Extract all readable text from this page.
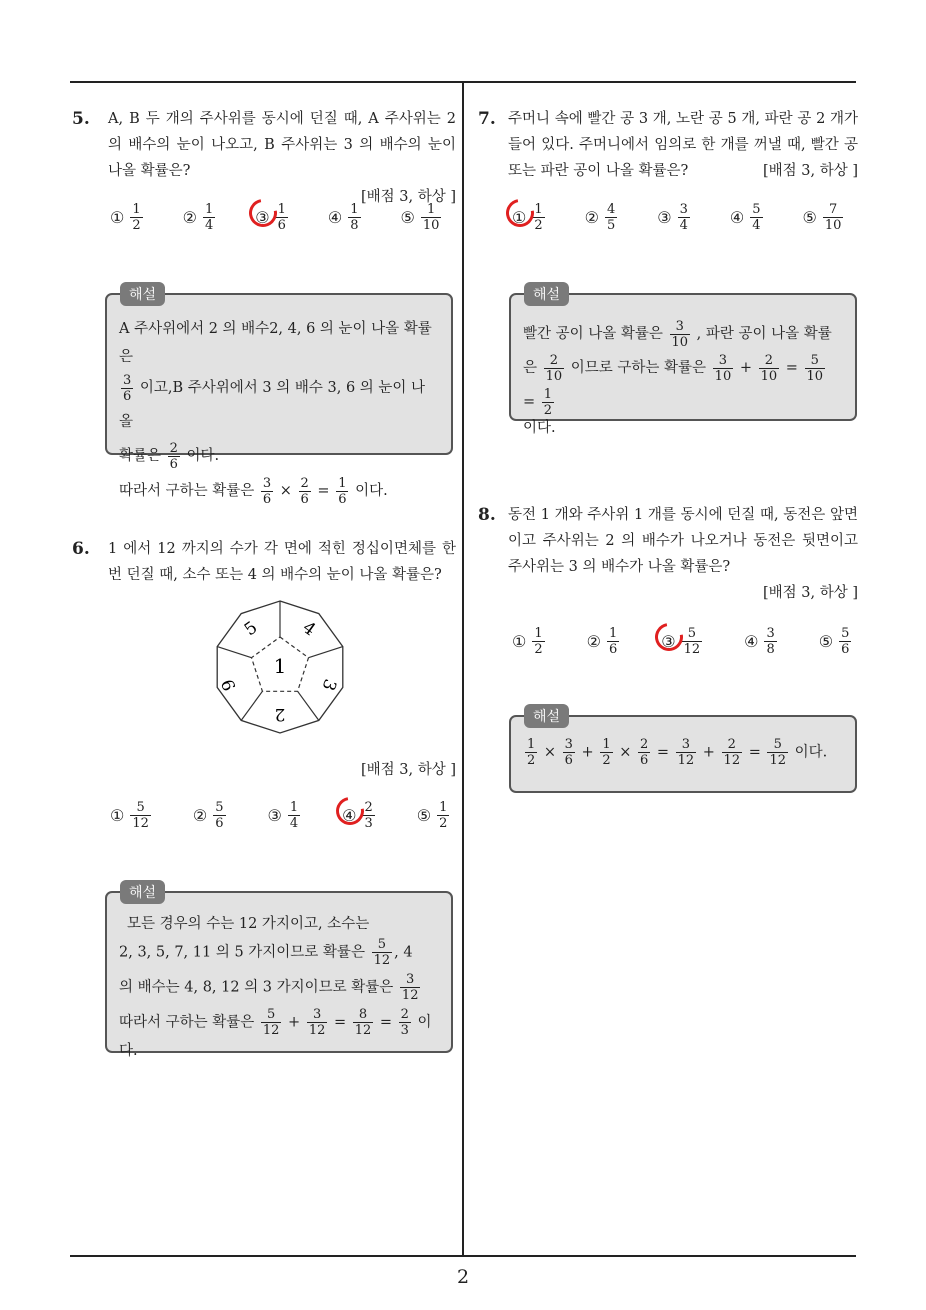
2
5. A, B 두 개의 주사위를 동시에 던질 때, A 주사위는 2 의 배수의 눈이 나오고, B 주사위는 3 의 배수의 눈이 나올 확률은?
[배점 3, 하상 ]
① $\frac{1}{2}$	② $\frac{1}{4}$	③ $\frac{1}{6}$	④ $\frac{1}{8}$	⑤ $\frac{1}{10}$
A 주사위에서 2 의 배수2, 4, 6 의 눈이 나올 확률은
$\frac{3}{6}$ 이고,B 주사위에서 3 의 배수 3, 6 의 눈이 나올
확률은 $\frac{2}{6}$ 이다.
따라서 구하는 확률은 $\frac{3}{6} \times \frac{2}{6} = \frac{1}{6}$ 이다.
해설
6. 1 에서 12 까지의 수가 각 면에 적힌 정십이면체를 한 번 던질 때, 소수 또는 4 의 배수의 눈이 나올 확률은?
1
5 4
9	3
2
[배점 3, 하상 ]
① $\frac{5}{12}$	② $\frac{5}{6}$	③ $\frac{1}{4}$	④ $\frac{2}{3}$	⑤ $\frac{1}{2}$
모든 경우의 수는 12 가지이고, 소수는
2, 3, 5, 7, 11 의 5 가지이므로 확률은 $\frac{5}{12}$ , 4
의 배수는 4, 8, 12 의 3 가지이므로 확률은 $\frac{3}{12}$
따라서 구하는 확률은 $\frac{5}{12} + \frac{3}{12} = \frac{8}{12} = \frac{2}{3}$ 이다.
해설
7. 주머니 속에 빨간 공 3 개, 노란 공 5 개, 파란 공 2 개가 들어 있다. 주머니에서 임의로 한 개를 꺼낼 때, 빨간 공 또는 파란 공이 나올 확률은?	[배점 3, 하상 ]
① $\frac{1}{2}$	② $\frac{4}{5}$	③ $\frac{3}{4}$	④ $\frac{5}{4}$	⑤ $\frac{7}{10}$
빨간 공이 나올 확률은 $\frac{3}{10}$ , 파란 공이 나올 확률
은 $\frac{2}{10}$ 이므로 구하는 확률은 $\frac{3}{10} + \frac{2}{10} = \frac{5}{10}$
= $\frac{1}{2}$
이다.
해설
8. 동전 1 개와 주사위 1 개를 동시에 던질 때, 동전은 앞면이고 주사위는 2 의 배수가 나오거나 동전은 뒷면이고 주사위는 3 의 배수가 나올 확률은?
[배점 3, 하상 ]
① $\frac{1}{2}$	② $\frac{1}{6}$	③ $\frac{5}{12}$	④ $\frac{3}{8}$	⑤ $\frac{5}{6}$
$\frac{1}{2} \times \frac{3}{6} + \frac{1}{2} \times \frac{2}{6} = \frac{3}{12} + \frac{2}{12} = \frac{5}{12}$ 이다.
해설
